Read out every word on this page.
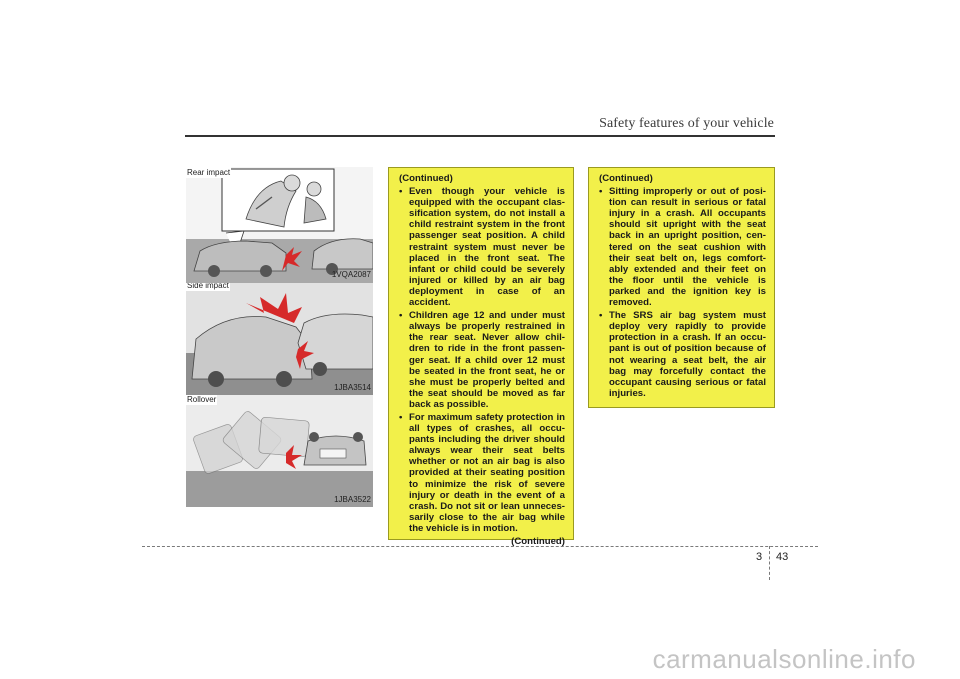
Safety features of your vehicle
Rear impact
1VQA2087
Side impact
1JBA3514
Rollover
1JBA3522
(Continued)
• Even though your vehicle is equipped with the occupant clas-sification system, do not install a child restraint system in the front passenger seat position. A child restraint system must never be placed in the front seat. The infant or child could be severely injured or killed by an air bag deployment in case of an accident.
• Children age 12 and under must always be properly restrained in the rear seat. Never allow chil-dren to ride in the front passen-ger seat. If a child over 12 must be seated in the front seat, he or she must be properly belted and the seat should be moved as far back as possible.
• For maximum safety protection in all types of crashes, all occu-pants including the driver should always wear their seat belts whether or not an air bag is also provided at their seating position to minimize the risk of severe injury or death in the event of a crash. Do not sit or lean unneces-sarily close to the air bag while the vehicle is in motion.
(Continued)
(Continued)
• Sitting improperly or out of posi-tion can result in serious or fatal injury in a crash. All occupants should sit upright with the seat back in an upright position, cen-tered on the seat cushion with their seat belt on, legs comfort-ably extended and their feet on the floor until the vehicle is parked and the ignition key is removed.
• The SRS air bag system must deploy very rapidly to provide protection in a crash. If an occu-pant is out of position because of not wearing a seat belt, the air bag may forcefully contact the occupant causing serious or fatal injuries.
3 43
carmanualsonline.info
